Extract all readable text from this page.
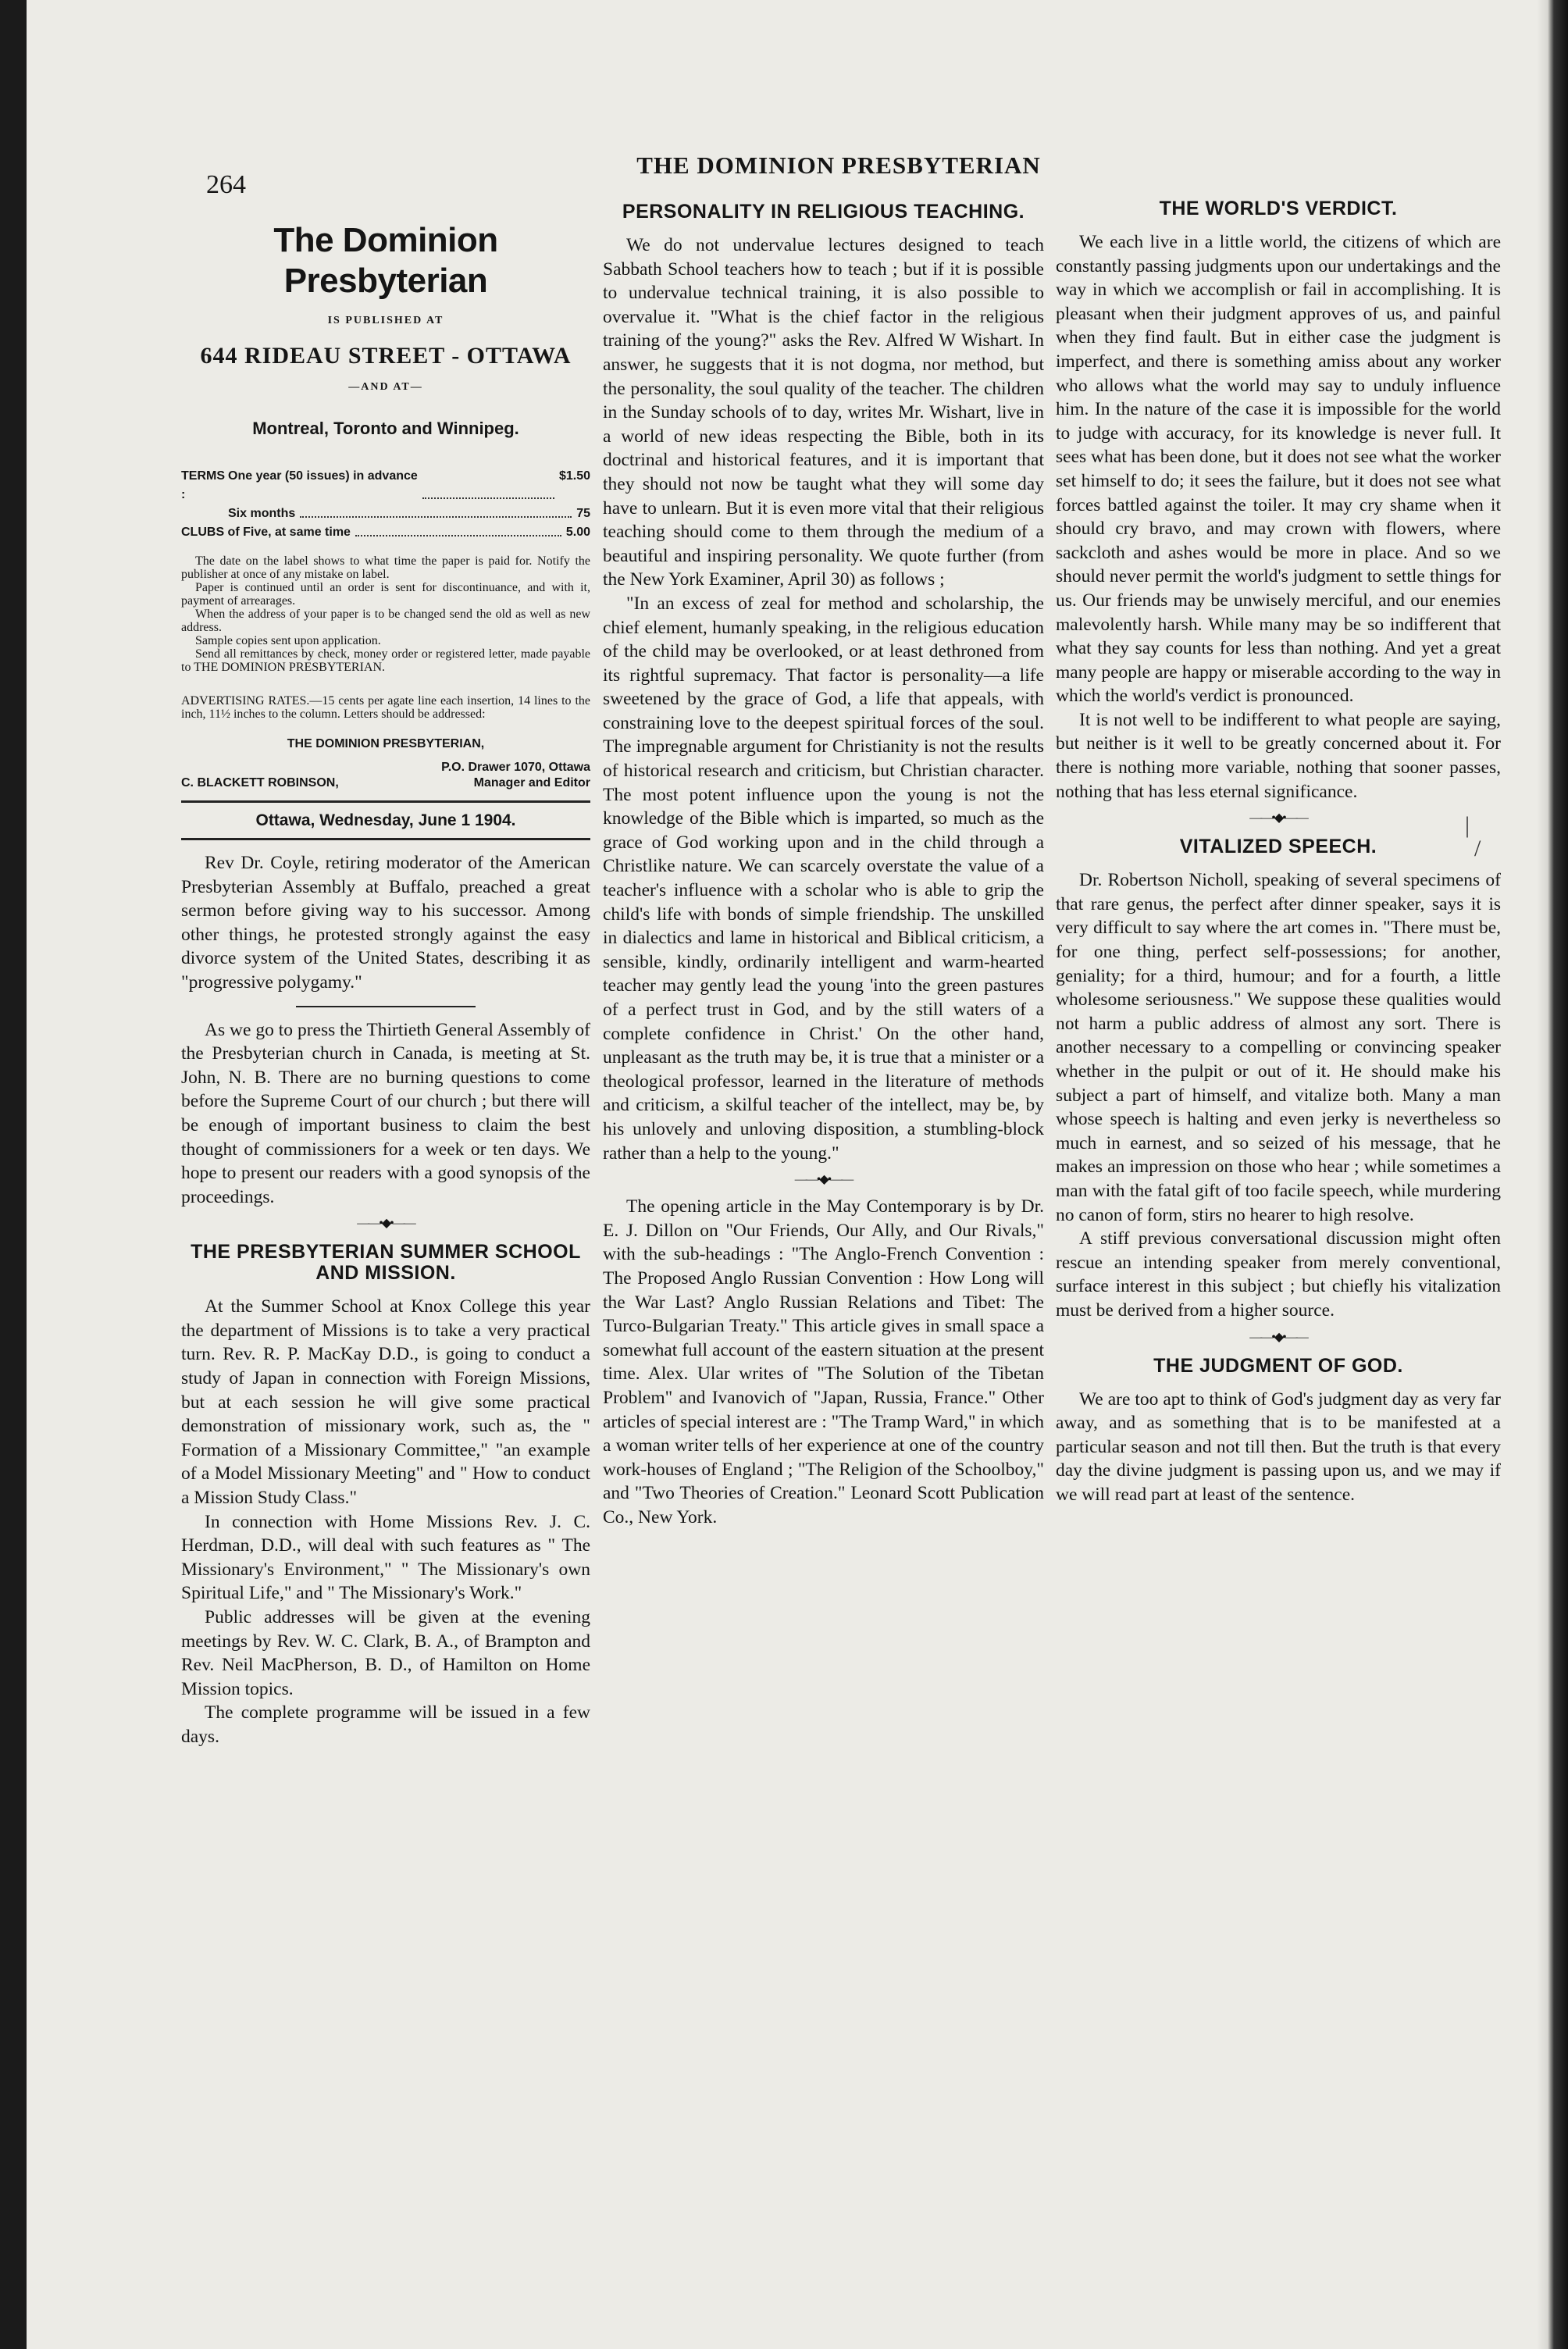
264
THE DOMINION PRESBYTERIAN
The Dominion Presbyterian
IS PUBLISHED AT
644 RIDEAU STREET - OTTAWA
—AND AT—
Montreal, Toronto and Winnipeg.
TERMS :
One year (50 issues) in advance	$1.50
Six months	75
CLUBS of Five, at same time	5.00
The date on the label shows to what time the paper is paid for. Notify the publisher at once of any mistake on label.
Paper is continued until an order is sent for discontinuance, and with it, payment of arrearages.
When the address of your paper is to be changed send the old as well as new address.
Sample copies sent upon application.
Send all remittances by check, money order or registered letter, made payable to THE DOMINION PRESBYTERIAN.
ADVERTISING RATES.—15 cents per agate line each insertion, 14 lines to the inch, 11½ inches to the column. Letters should be addressed:
THE DOMINION PRESBYTERIAN,
P.O. Drawer 1070, Ottawa
C. BLACKETT ROBINSON,	Manager and Editor
Ottawa, Wednesday, June 1 1904.

Rev Dr. Coyle, retiring moderator of the American Presbyterian Assembly at Buffalo, preached a great sermon before giving way to his successor. Among other things, he protested strongly against the easy divorce system of the United States, describing it as "progressive polygamy."

As we go to press the Thirtieth General Assembly of the Presbyterian church in Canada, is meeting at St. John, N. B. There are no burning questions to come before the Supreme Court of our church ; but there will be enough of important business to claim the best thought of commissioners for a week or ten days. We hope to present our readers with a good synopsis of the proceedings.

——•◆•——
THE PRESBYTERIAN SUMMER SCHOOL AND MISSION.

At the Summer School at Knox College this year the department of Missions is to take a very practical turn. Rev. R. P. MacKay D.D., is going to conduct a study of Japan in connection with Foreign Missions, but at each session he will give some practical demonstration of missionary work, such as, the " Formation of a Missionary Committee," "an example of a Model Missionary Meeting" and " How to conduct a Mission Study Class."

In connection with Home Missions Rev. J. C. Herdman, D.D., will deal with such features as " The Missionary's Environment," " The Missionary's own Spiritual Life," and " The Missionary's Work."

Public addresses will be given at the evening meetings by Rev. W. C. Clark, B. A., of Brampton and Rev. Neil MacPherson, B. D., of Hamilton on Home Mission topics.

The complete programme will be issued in a few days.

PERSONALITY IN RELIGIOUS TEACHING.

We do not undervalue lectures designed to teach Sabbath School teachers how to teach ; but if it is possible to undervalue technical training, it is also possible to overvalue it. "What is the chief factor in the religious training of the young?" asks the Rev. Alfred W Wishart. In answer, he suggests that it is not dogma, nor method, but the personality, the soul quality of the teacher. The children in the Sunday schools of to day, writes Mr. Wishart, live in a world of new ideas respecting the Bible, both in its doctrinal and historical features, and it is important that they should not now be taught what they will some day have to unlearn. But it is even more vital that their religious teaching should come to them through the medium of a beautiful and inspiring personality. We quote further (from the New York Examiner, April 30) as follows ;

"In an excess of zeal for method and scholarship, the chief element, humanly speaking, in the religious education of the child may be overlooked, or at least dethroned from its rightful supremacy. That factor is personality—a life sweetened by the grace of God, a life that appeals, with constraining love to the deepest spiritual forces of the soul. The impregnable argument for Christianity is not the results of historical research and criticism, but Christian character. The most potent influence upon the young is not the knowledge of the Bible which is imparted, so much as the grace of God working upon and in the child through a Christlike nature. We can scarcely overstate the value of a teacher's influence with a scholar who is able to grip the child's life with bonds of simple friendship. The unskilled in dialectics and lame in historical and Biblical criticism, a sensible, kindly, ordinarily intelligent and warm-hearted teacher may gently lead the young 'into the green pastures of a perfect trust in God, and by the still waters of a complete confidence in Christ.' On the other hand, unpleasant as the truth may be, it is true that a minister or a theological professor, learned in the literature of methods and criticism, a skilful teacher of the intellect, may be, by his unlovely and unloving disposition, a stumbling-block rather than a help to the young."

——•◆•——

The opening article in the May Contemporary is by Dr. E. J. Dillon on "Our Friends, Our Ally, and Our Rivals," with the sub-headings : "The Anglo-French Convention : The Proposed Anglo Russian Convention : How Long will the War Last? Anglo Russian Relations and Tibet: The Turco-Bulgarian Treaty." This article gives in small space a somewhat full account of the eastern situation at the present time. Alex. Ular writes of "The Solution of the Tibetan Problem" and Ivanovich of "Japan, Russia, France." Other articles of special interest are : "The Tramp Ward," in which a woman writer tells of her experience at one of the country work-houses of England ; "The Religion of the Schoolboy," and "Two Theories of Creation." Leonard Scott Publication Co., New York.

THE WORLD'S VERDICT.

We each live in a little world, the citizens of which are constantly passing judgments upon our undertakings and the way in which we accomplish or fail in accomplishing. It is pleasant when their judgment approves of us, and painful when they find fault. But in either case the judgment is imperfect, and there is something amiss about any worker who allows what the world may say to unduly influence him. In the nature of the case it is impossible for the world to judge with accuracy, for its knowledge is never full. It sees what has been done, but it does not see what the worker set himself to do; it sees the failure, but it does not see what forces battled against the toiler. It may cry shame when it should cry bravo, and may crown with flowers, where sackcloth and ashes would be more in place. And so we should never permit the world's judgment to settle things for us. Our friends may be unwisely merciful, and our enemies malevolently harsh. While many may be so indifferent that what they say counts for less than nothing. And yet a great many people are happy or miserable according to the way in which the world's verdict is pronounced.

It is not well to be indifferent to what people are saying, but neither is it well to be greatly concerned about it. For there is nothing more variable, nothing that sooner passes, nothing that has less eternal significance.

——•◆•——
VITALIZED SPEECH.

Dr. Robertson Nicholl, speaking of several specimens of that rare genus, the perfect after dinner speaker, says it is very difficult to say where the art comes in. "There must be, for one thing, perfect self-possessions; for another, geniality; for a third, humour; and for a fourth, a little wholesome seriousness." We suppose these qualities would not harm a public address of almost any sort. There is another necessary to a compelling or convincing speaker whether in the pulpit or out of it. He should make his subject a part of himself, and vitalize both. Many a man whose speech is halting and even jerky is nevertheless so much in earnest, and so seized of his message, that he makes an impression on those who hear ; while sometimes a man with the fatal gift of too facile speech, while murdering no canon of form, stirs no hearer to high resolve.

A stiff previous conversational discussion might often rescue an intending speaker from merely conventional, surface interest in this subject ; but chiefly his vitalization must be derived from a higher source.

——•◆•——
THE JUDGMENT OF GOD.

We are too apt to think of God's judgment day as very far away, and as something that is to be manifested at a particular season and not till then. But the truth is that every day the divine judgment is passing upon us, and we may if we will read part at least of the sentence.

|
/
